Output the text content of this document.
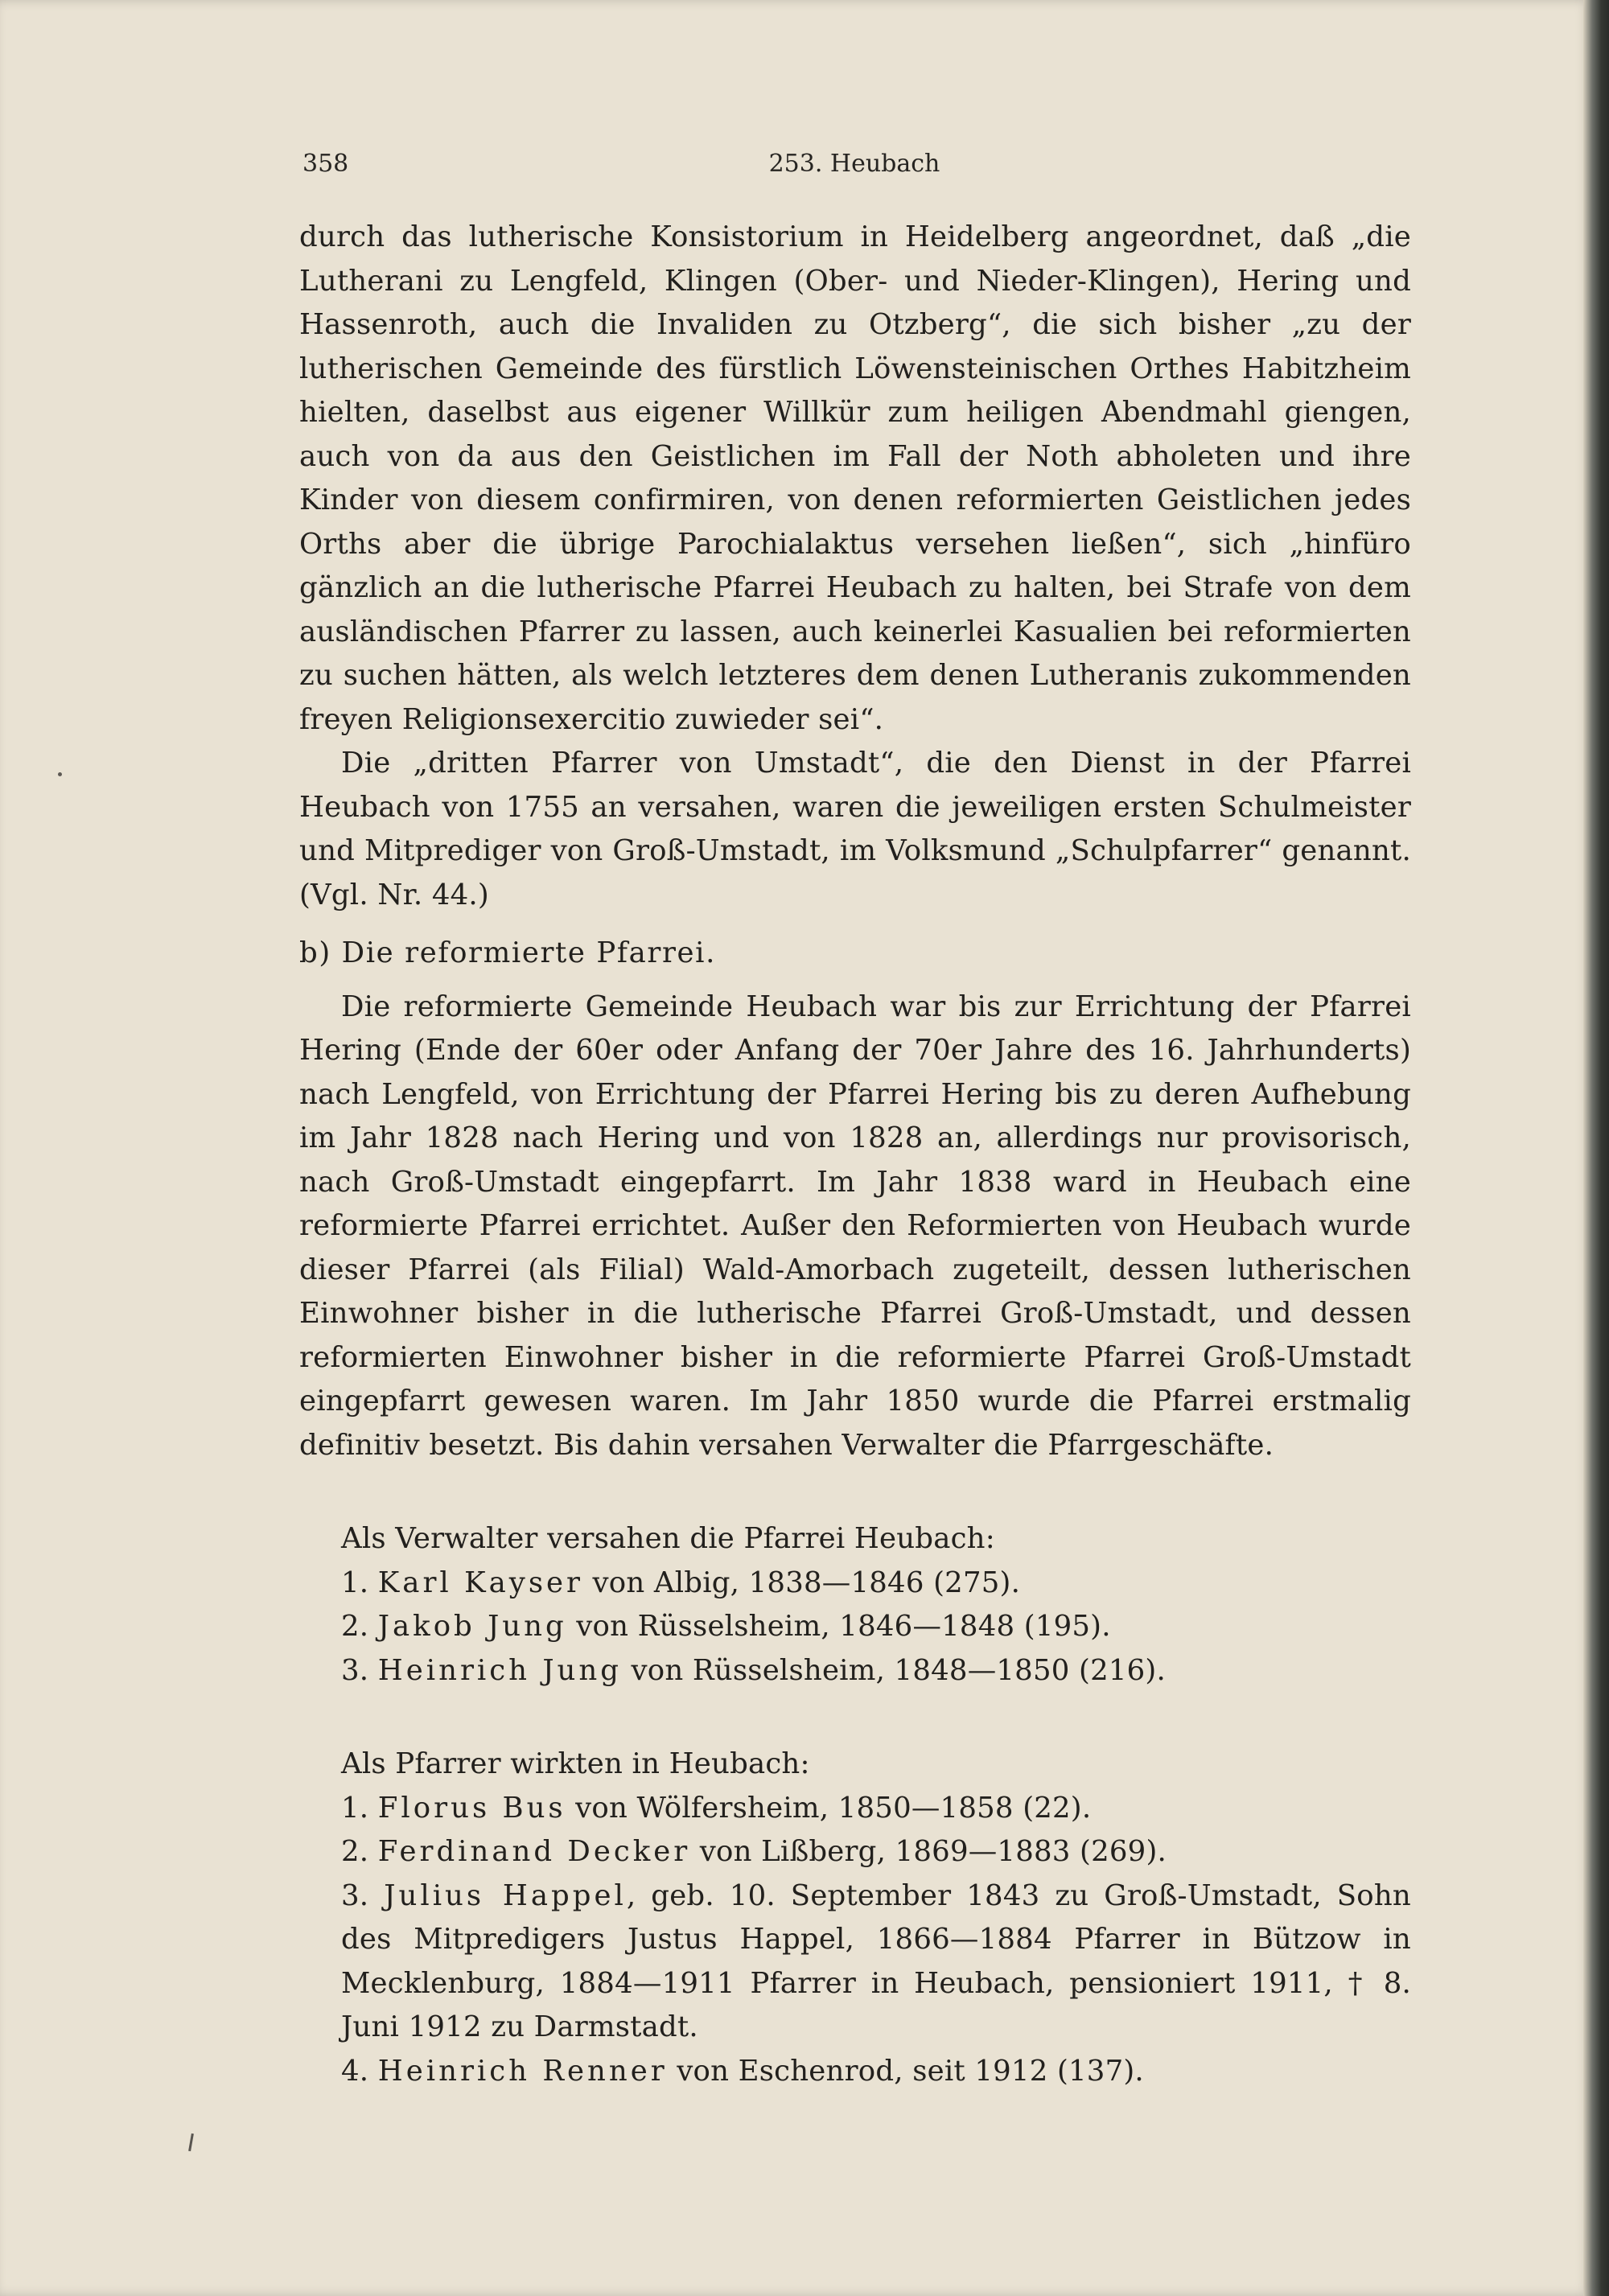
358	253. Heubach

durch das lutherische Konsistorium in Heidelberg angeordnet, daß „die Lutherani zu Lengfeld, Klingen (Ober- und Nieder-Klingen), Hering und Hassenroth, auch die Invaliden zu Otzberg“, die sich bisher „zu der lutherischen Gemeinde des fürstlich Löwensteinischen Orthes Habitzheim hielten, daselbst aus eigener Willkür zum heiligen Abendmahl giengen, auch von da aus den Geistlichen im Fall der Noth abholeten und ihre Kinder von diesem confirmiren, von denen reformierten Geistlichen jedes Orths aber die übrige Parochialaktus versehen ließen“, sich „hinfüro gänzlich an die lutherische Pfarrei Heubach zu halten, bei Strafe von dem ausländischen Pfarrer zu lassen, auch keinerlei Kasualien bei reformierten zu suchen hätten, als welch letzteres dem denen Lutheranis zukommenden freyen Religionsexercitio zuwieder sei“.

Die „dritten Pfarrer von Umstadt“, die den Dienst in der Pfarrei Heubach von 1755 an versahen, waren die jeweiligen ersten Schulmeister und Mitprediger von Groß-Umstadt, im Volksmund „Schulpfarrer“ genannt. (Vgl. Nr. 44.)

b) Die reformierte Pfarrei.

Die reformierte Gemeinde Heubach war bis zur Errichtung der Pfarrei Hering (Ende der 60er oder Anfang der 70er Jahre des 16. Jahrhunderts) nach Lengfeld, von Errichtung der Pfarrei Hering bis zu deren Aufhebung im Jahr 1828 nach Hering und von 1828 an, allerdings nur provisorisch, nach Groß-Umstadt eingepfarrt. Im Jahr 1838 ward in Heubach eine reformierte Pfarrei errichtet. Außer den Reformierten von Heubach wurde dieser Pfarrei (als Filial) Wald-Amorbach zugeteilt, dessen lutherischen Einwohner bisher in die lutherische Pfarrei Groß-Umstadt, und dessen reformierten Einwohner bisher in die reformierte Pfarrei Groß-Umstadt eingepfarrt gewesen waren. Im Jahr 1850 wurde die Pfarrei erstmalig definitiv besetzt. Bis dahin versahen Verwalter die Pfarrgeschäfte.

Als Verwalter versahen die Pfarrei Heubach:

1. Karl Kayser von Albig, 1838—1846 (275).
2. Jakob Jung von Rüsselsheim, 1846—1848 (195).
3. Heinrich Jung von Rüsselsheim, 1848—1850 (216).

Als Pfarrer wirkten in Heubach:

1. Florus Bus von Wölfersheim, 1850—1858 (22).
2. Ferdinand Decker von Lißberg, 1869—1883 (269).

3. Julius Happel, geb. 10. September 1843 zu Groß-Umstadt, Sohn des Mitpredigers Justus Happel, 1866—1884 Pfarrer in Bützow in Mecklenburg, 1884—1911 Pfarrer in Heubach, pensioniert 1911, † 8. Juni 1912 zu Darmstadt.

4. Heinrich Renner von Eschenrod, seit 1912 (137).
